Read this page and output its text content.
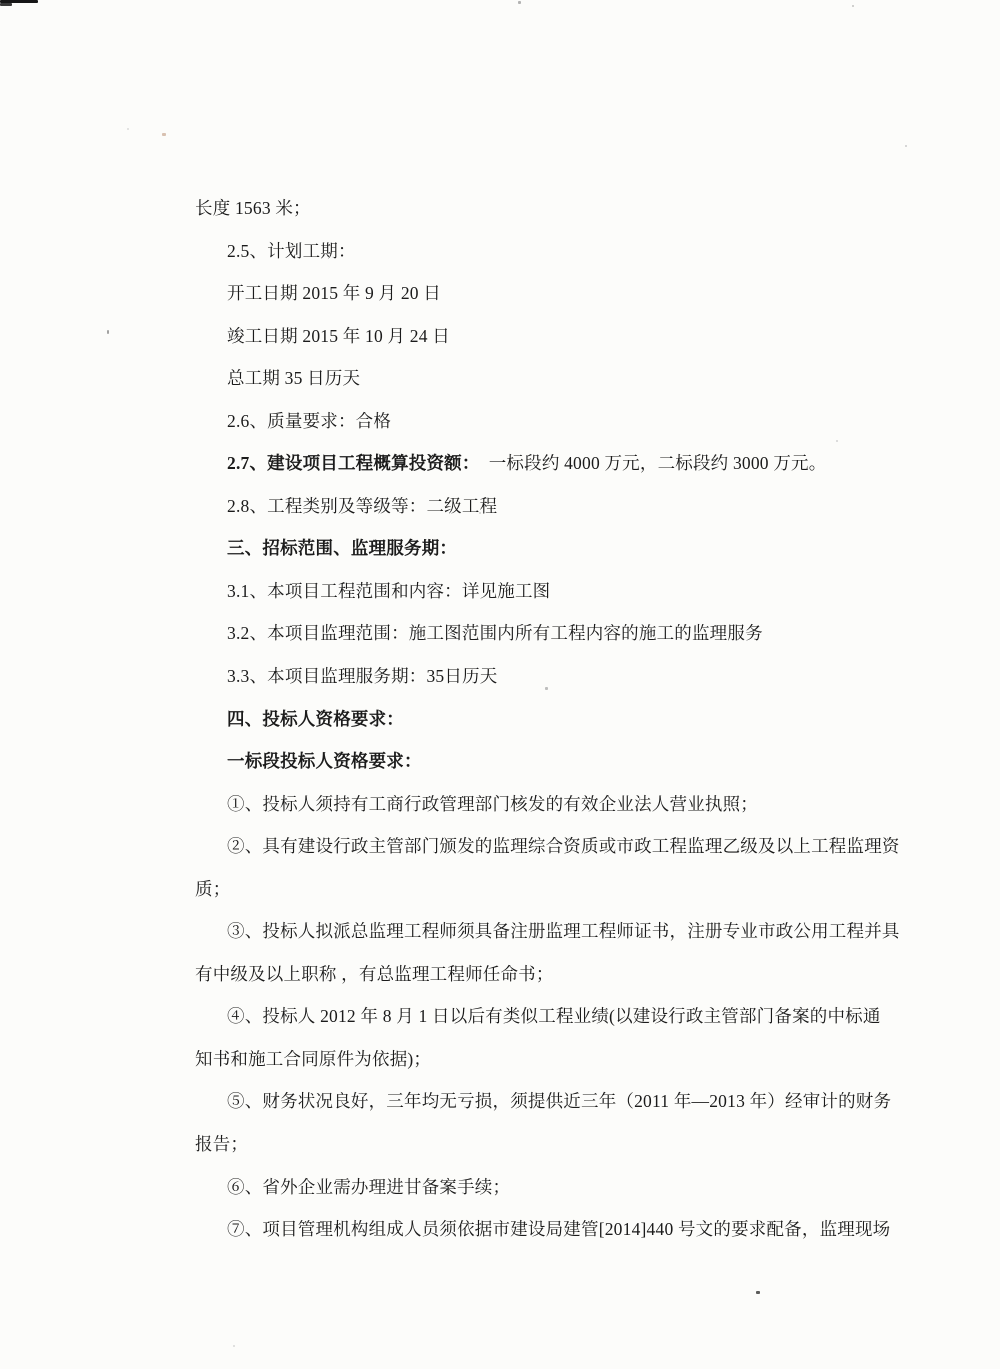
长度 1563 米；
2.5、计划工期：
开工日期 2015 年 9 月 20 日
竣工日期 2015 年 10 月 24 日
总工期 35 日历天
2.6、质量要求：合格
2.7、建设项目工程概算投资额：  一标段约 4000 万元，二标段约 3000 万元。
2.8、工程类别及等级等：二级工程
三、招标范围、监理服务期：
3.1、本项目工程范围和内容：详见施工图
3.2、本项目监理范围：施工图范围内所有工程内容的施工的监理服务
3.3、本项目监理服务期：35日历天
四、投标人资格要求：
一标段投标人资格要求：
①、投标人须持有工商行政管理部门核发的有效企业法人营业执照；
②、具有建设行政主管部门颁发的监理综合资质或市政工程监理乙级及以上工程监理资
质；
③、投标人拟派总监理工程师须具备注册监理工程师证书，注册专业市政公用工程并具
有中级及以上职称 ，有总监理工程师任命书；
④、投标人 2012 年 8 月 1 日以后有类似工程业绩(以建设行政主管部门备案的中标通
知书和施工合同原件为依据)；
⑤、财务状况良好，三年均无亏损，须提供近三年（2011 年—2013 年）经审计的财务
报告；
⑥、省外企业需办理进甘备案手续；
⑦、项目管理机构组成人员须依据市建设局建管[2014]440 号文的要求配备，监理现场
